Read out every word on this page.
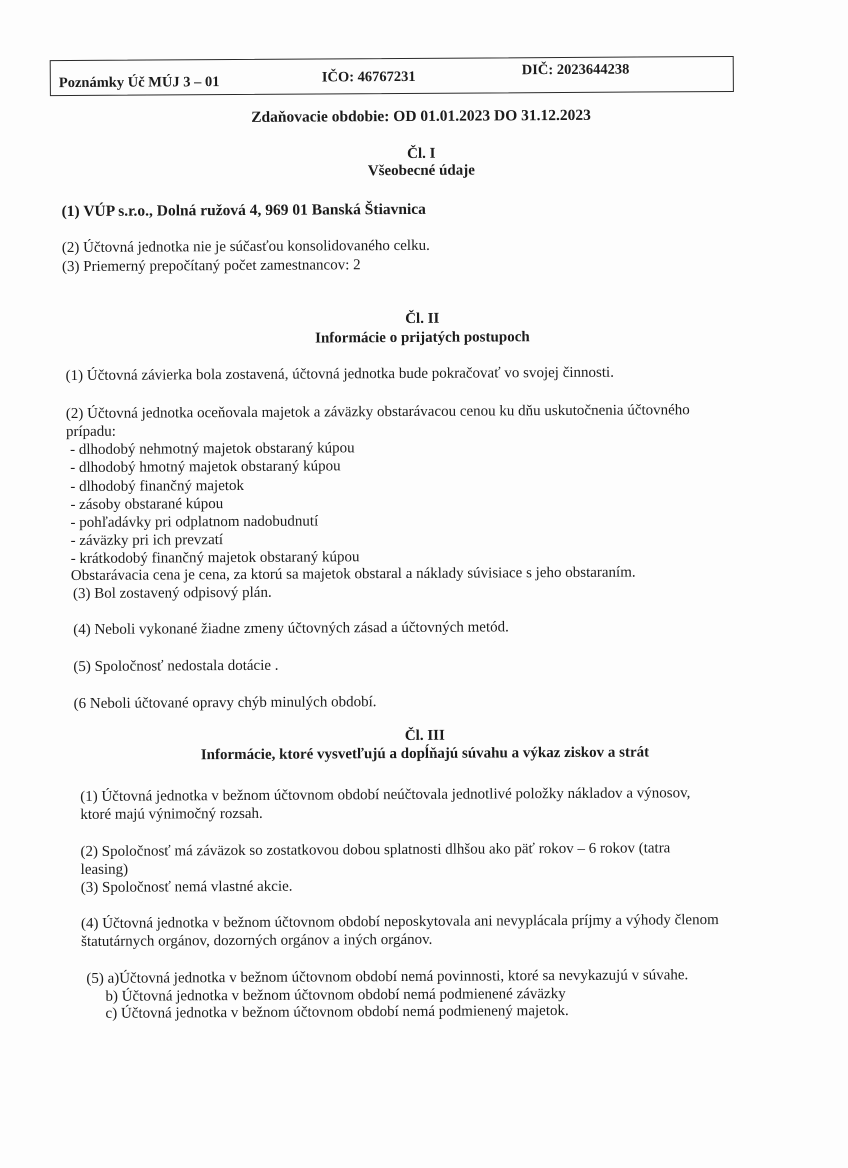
Poznámky Úč MÚJ 3 – 01	IČO: 46767231	DIČ: 2023644238
Zdaňovacie obdobie: OD 01.01.2023 DO 31.12.2023
Čl. I
Všeobecné údaje
(1) VÚP s.r.o., Dolná ružová 4, 969 01 Banská Štiavnica
(2) Účtovná jednotka nie je súčasťou konsolidovaného celku.
(3) Priemerný prepočítaný počet zamestnancov: 2
Čl. II
Informácie o prijatých postupoch
(1) Účtovná závierka bola zostavená, účtovná jednotka bude pokračovať vo svojej činnosti.
(2) Účtovná jednotka oceňovala majetok a záväzky obstarávacou cenou ku dňu uskutočnenia účtovného
prípadu:
- dlhodobý nehmotný majetok obstaraný kúpou
- dlhodobý hmotný majetok obstaraný kúpou
- dlhodobý finančný majetok
- zásoby obstarané kúpou
- pohľadávky pri odplatnom nadobudnutí
- záväzky pri ich prevzatí
- krátkodobý finančný majetok obstaraný kúpou
Obstarávacia cena je cena, za ktorú sa majetok obstaral a náklady súvisiace s jeho obstaraním.
(3) Bol zostavený odpisový plán.
(4) Neboli vykonané žiadne zmeny účtovných zásad a účtovných metód.
(5) Spoločnosť nedostala dotácie .
(6 Neboli účtované opravy chýb minulých období.
Čl. III
Informácie, ktoré vysvetľujú a dopĺňajú súvahu a výkaz ziskov a strát
(1) Účtovná jednotka v bežnom účtovnom období neúčtovala jednotlivé položky nákladov a výnosov,
ktoré majú výnimočný rozsah.
(2) Spoločnosť má záväzok so zostatkovou dobou splatnosti dlhšou ako päť rokov – 6 rokov (tatra
leasing)
(3) Spoločnosť nemá vlastné akcie.
(4) Účtovná jednotka v bežnom účtovnom období neposkytovala ani nevyplácala príjmy a výhody členom
štatutárnych orgánov, dozorných orgánov a iných orgánov.
(5) a)Účtovná jednotka v bežnom účtovnom období nemá povinnosti, ktoré sa nevykazujú v súvahe.
b) Účtovná jednotka v bežnom účtovnom období nemá podmienené záväzky
c) Účtovná jednotka v bežnom účtovnom období nemá podmienený majetok.
